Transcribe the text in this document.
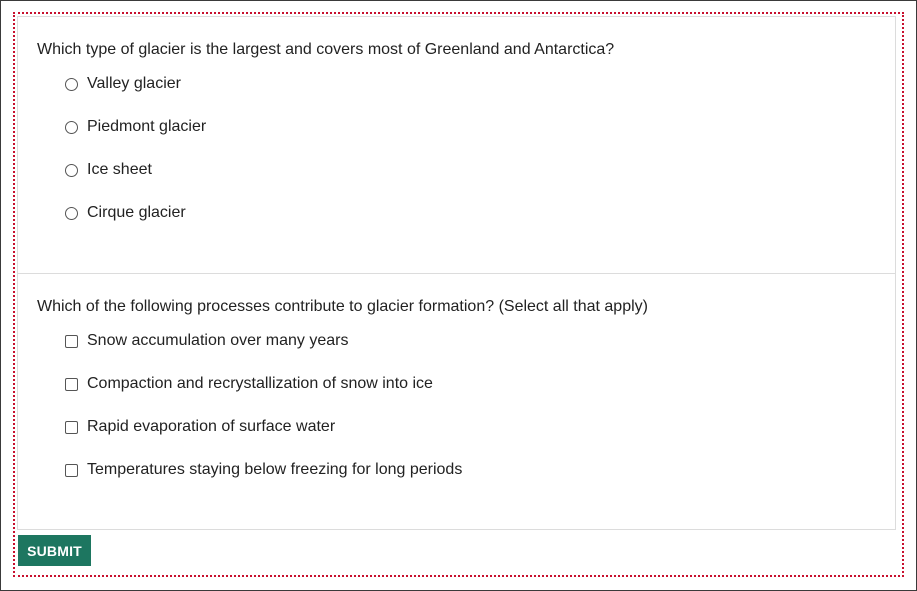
Which type of glacier is the largest and covers most of Greenland and Antarctica?
Valley glacier
Piedmont glacier
Ice sheet
Cirque glacier
Which of the following processes contribute to glacier formation? (Select all that apply)
Snow accumulation over many years
Compaction and recrystallization of snow into ice
Rapid evaporation of surface water
Temperatures staying below freezing for long periods
SUBMIT
